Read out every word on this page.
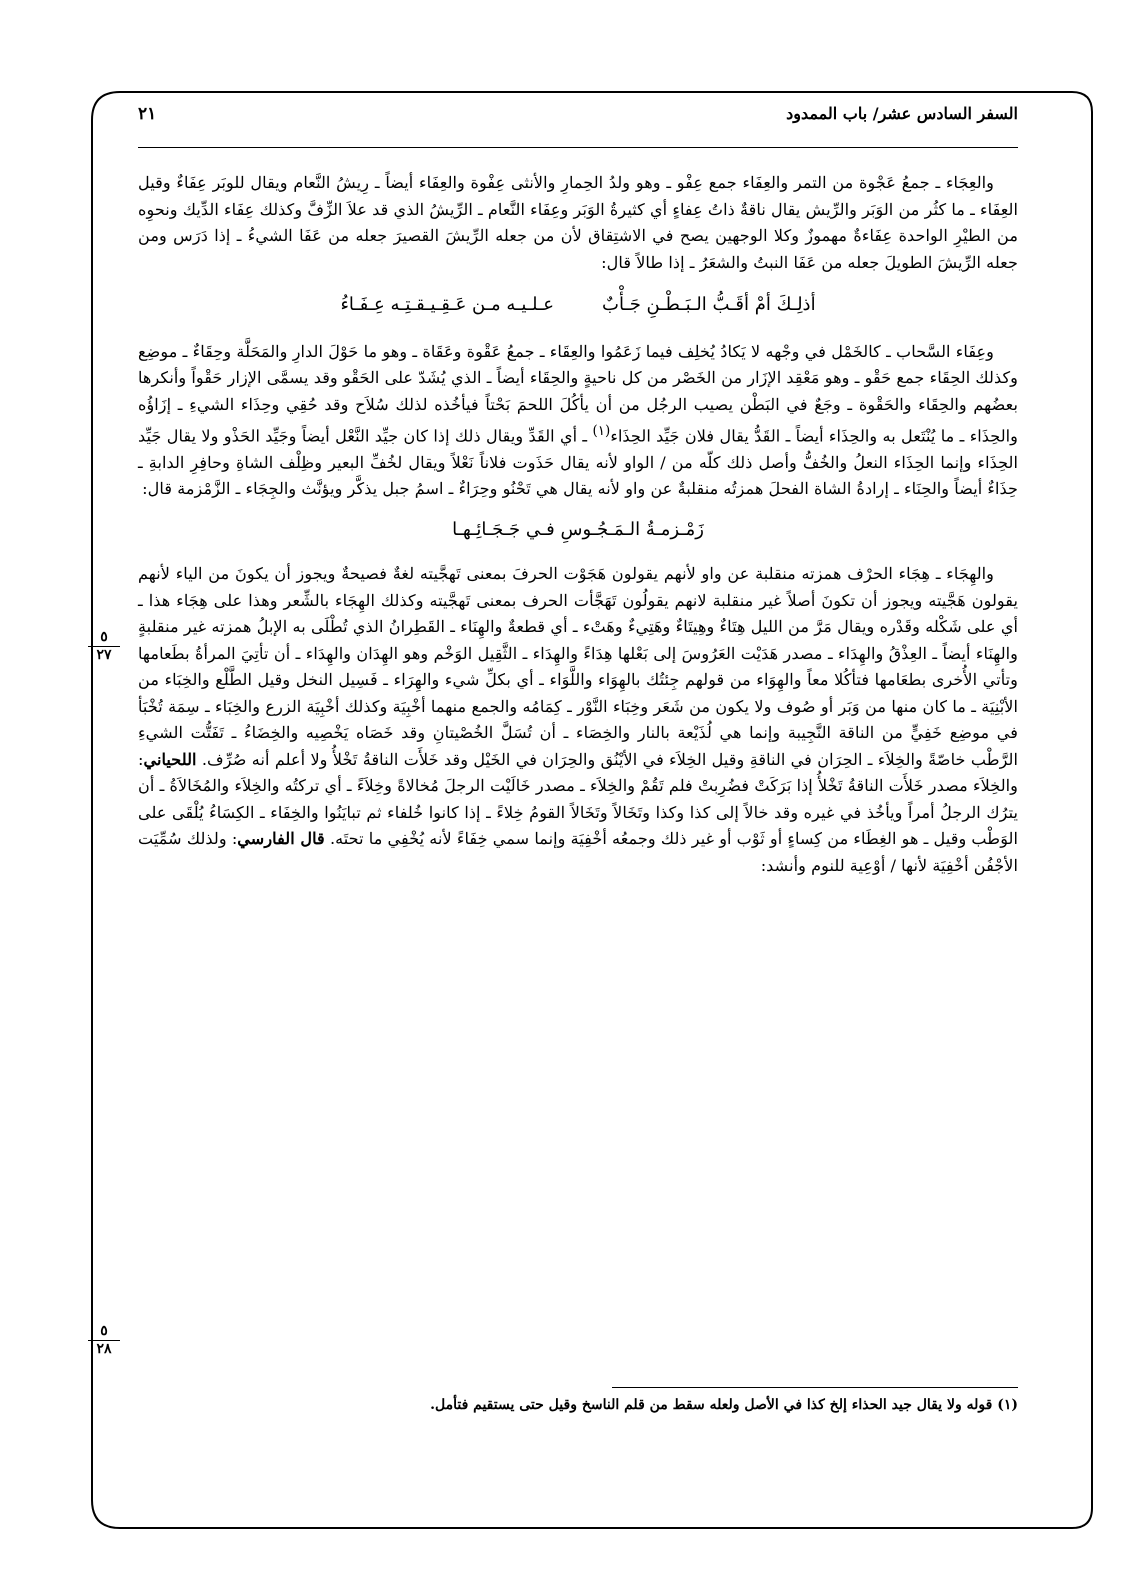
السفر السادس عشر/ باب الممدود
٢١

والعِجَاء ـ جمعُ عَجْوة من التمر والعِفَاء جمع عِفْو ـ وهو ولدُ الحِمارِ والأنثى عِفْوة والعِفَاء أيضاً ـ رِيشُ النَّعام ويقال للوبَر عِفَاءٌ وقيل العِفَاء ـ ما كثُر من الوَبَر والرِّيش يقال ناقةٌ ذاتُ عِفاءٍ أي كثيرةُ الوَبَر وعِفَاء النَّعام ـ الرِّيشُ الذي قد علاَ الزِّفَّ وكذلك عِفَاء الدِّيك ونحوِه من الطيْرِ الواحدة عِفَاءةٌ مهموزٌ وكلا الوجهين يصح في الاشتِقاق لأن من جعله الرِّيشَ القصيرَ جعله من عَفَا الشيءُ ـ إذا دَرَس ومن جعله الرِّيشَ الطويلَ جعله من عَفَا النبتُ والشعَرُ ـ إذا طالاً قال:

أذلِـكَ أمْ أقَـبُّ الـبَـطْـنِ جَـأْبٌ
عـلـيـه مـن عَـقِـيـقـتِـه عِـفَـاءُ

وعِفَاء السَّحاب ـ كالخَمْل في وجْهه لا يَكادُ يُخلِف فيما زَعَمُوا والعِقَاء ـ جمعُ عَقْوة وعَقَاة ـ وهو ما حَوْلَ الدارِ والمَحَلَّة وحِقَاءٌ ـ موضِع وكذلك الحِقَاء جمع حَقْو ـ وهو مَعْقِد الإزَار من الخَصْر من كل ناحيةٍ والحِقَاء أيضاً ـ الذي يُشَدّ على الحَقْو وقد يسمَّى الإزار حَقْواً وأنكرها بعضُهم والحِقَاء والحَقْوة ـ وجَعٌ في البَطْن يصيب الرجُل من أن يأكُلَ اللحمَ بَحْتاً فيأخُذه لذلك سُلاَح وقد حُقِي وحِذَاء الشيءِ ـ إزَاؤُه والحِذَاء ـ ما يُنْتَعل به والحِذَاء أيضاً ـ القَدُّ يقال فلان جَيِّد الحِذَاء$^{(١)}$ ـ أي القَدِّ ويقال ذلك إذا كان جيِّد النَّعْل أيضاً وجَيِّد الحَذْو ولا يقال جَيِّد الحِذَاء وإنما الحِذَاء النعلُ والخُفُّ وأصل ذلك كلّه من / الواو لأنه يقال حَذَوت فلاناً نَعْلاً ويقال لخُفِّ البعير وظِلْف الشاةِ وحافِرِ الدابةِ ـ حِذَاءٌ أيضاً والحِنَاء ـ إرادةُ الشاة الفحلَ همزتُه منقلبةٌ عن واو لأنه يقال هي تَحْنُو وحِرَاءٌ ـ اسمُ جبل يذكَّر ويؤنَّث والجِجَاء ـ الزَّمْزمة قال:

زَمْـزمـةُ الـمَـجُـوسِ فـي جَـجَـائِـهـا

والهِجَاء ـ هِجَاء الحرْف همزته منقلبة عن واو لأنهم يقولون هَجَوْت الحرفَ بمعنى تَهجَّيته لغةٌ فصيحةٌ ويجوز أن يكونَ من الياء لأنهم يقولون هَجَّيته ويجوز أن تكونَ أصلاً غير منقلبة لانهم يقولُون تَهَجَّأت الحرف بمعنى تَهجَّيته وكذلك الهِجَاء بالشِّعر وهذا على هِجَاء هذا ـ أي على شَكْله وقَدْره ويقال مَرَّ من الليل هِتَاءٌ وهِيتَاءٌ وهَتِيءٌ وهَتْء ـ أي قطعةٌ والهِنَاء ـ القَطِرانُ الذي تُطْلَى به الإبلُ همزته غير منقلبةٍ والهِنَاء أيضاً ـ العِذْقُ والهِدَاء ـ مصدر هَدَيْت العَرُوسَ إلى بَعْلها هِدَاءً والهِدَاء ـ الثَّقِيل الوَخْم وهو الهِدَان والهِدَاء ـ أن تأتِيَ المرأةُ بطَعامها وتأتي الأُخرى بطعَامها فتأكُلا معاً والهِوَاء من قولهم جِئتُك بالهِوَاء واللَّوَاء ـ أي بكلِّ شيء والهِرَاء ـ فَسِيل النخل وقيل الطَّلْع والخِبَاء من الأبْنِيَة ـ ما كان منها من وَبَر أو صُوف ولا يكون من شَعَر وخِبَاء النَّوْر ـ كِمَامُه والجمع منهما أخْبِيَة وكذلك أخْبِيَة الزرع والخِبَاء ـ سِمَة تُخْبَأ في موضِع خَفِيٍّ من الناقة النَّجِيبة وإنما هي لُذَيْعة بالنار والخِصَاء ـ أن تُسَلَّ الخُصْيتانِ وقد خَصَاه يَخْصِيه والخِضَاءُ ـ تَفَتُّت الشيءِ الرَّطْب خاصّةً والخِلاَء ـ الحِرَان في الناقةِ وقيل الخِلاَء في الأيْنُق والحِرَان في الخَيْل وقد خَلأَت الناقةُ تَخْلأُ ولا أعلم أنه صُرِّف. اللحياني: والخِلاَء مصدر خَلأَت الناقةُ تَخْلأُ إذا بَرَكَتْ فضُرِبتْ فلم تَقُمْ والخِلاَء ـ مصدر خَالَيْت الرجلَ مُخالاةً وخِلاَءً ـ أي تركتُه والخِلاَء والمُخَالاَةُ ـ أن يترُك الرجلُ أمراً ويأخُذ في غيره وقد خالاً إلى كذا وكذا وتَخَالاً وتَخَالاً القومُ خِلاءً ـ إذا كانوا خُلفاء ثم تبايَنُوا والخِفَاء ـ الكِسَاءُ يُلْقَى على الوَطْب وقيل ـ هو الغِطَاء من كِساءٍ أو ثَوْب أو غير ذلك وجمعُه أخْفِيَة وإنما سمي خِفَاءً لأنه يُخْفِي ما تحتَه. قال الفارسي: ولذلك سُمِّيَت الأجْفُن أخْفِيَة لأنها / أوْعِية للنوم وأنشد:

٥
٢٧
٥
٢٨
(١) قوله ولا يقال جيد الحذاء إلخ كذا في الأصل ولعله سقط من قلم الناسخ وقيل حتى يستقيم فتأمل.
